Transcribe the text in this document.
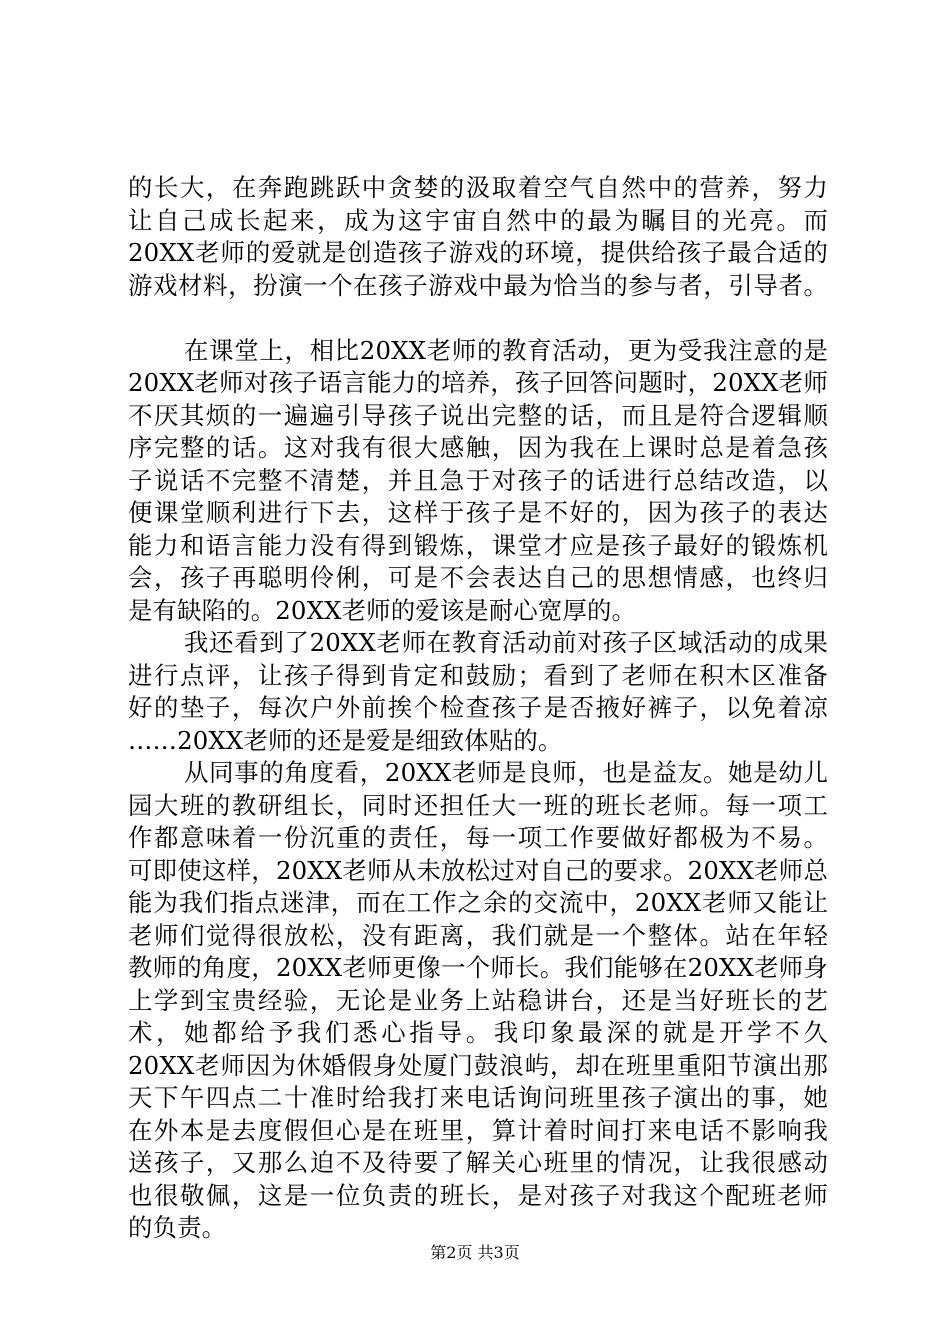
的长大，在奔跑跳跃中贪婪的汲取着空气自然中的营养，努力
让自己成长起来，成为这宇宙自然中的最为瞩目的光亮。而
20XX老师的爱就是创造孩子游戏的环境，提供给孩子最合适的
游戏材料，扮演一个在孩子游戏中最为恰当的参与者，引导者。
在课堂上，相比20XX老师的教育活动，更为受我注意的是
20XX老师对孩子语言能力的培养，孩子回答问题时，20XX老师
不厌其烦的一遍遍引导孩子说出完整的话，而且是符合逻辑顺
序完整的话。这对我有很大感触，因为我在上课时总是着急孩
子说话不完整不清楚，并且急于对孩子的话进行总结改造，以
便课堂顺利进行下去，这样于孩子是不好的，因为孩子的表达
能力和语言能力没有得到锻炼，课堂才应是孩子最好的锻炼机
会，孩子再聪明伶俐，可是不会表达自己的思想情感，也终归
是有缺陷的。20XX老师的爱该是耐心宽厚的。
我还看到了20XX老师在教育活动前对孩子区域活动的成果
进行点评，让孩子得到肯定和鼓励；看到了老师在积木区准备
好的垫子，每次户外前挨个检查孩子是否掖好裤子，以免着凉
……20XX老师的还是爱是细致体贴的。
从同事的角度看，20XX老师是良师，也是益友。她是幼儿
园大班的教研组长，同时还担任大一班的班长老师。每一项工
作都意味着一份沉重的责任，每一项工作要做好都极为不易。
可即使这样，20XX老师从未放松过对自己的要求。20XX老师总
能为我们指点迷津，而在工作之余的交流中，20XX老师又能让
老师们觉得很放松，没有距离，我们就是一个整体。站在年轻
教师的角度，20XX老师更像一个师长。我们能够在20XX老师身
上学到宝贵经验，无论是业务上站稳讲台，还是当好班长的艺
术，她都给予我们悉心指导。我印象最深的就是开学不久
20XX老师因为休婚假身处厦门鼓浪屿，却在班里重阳节演出那
天下午四点二十准时给我打来电话询问班里孩子演出的事，她
在外本是去度假但心是在班里，算计着时间打来电话不影响我
送孩子，又那么迫不及待要了解关心班里的情况，让我很感动
也很敬佩，这是一位负责的班长，是对孩子对我这个配班老师
的负责。
第2页 共3页
